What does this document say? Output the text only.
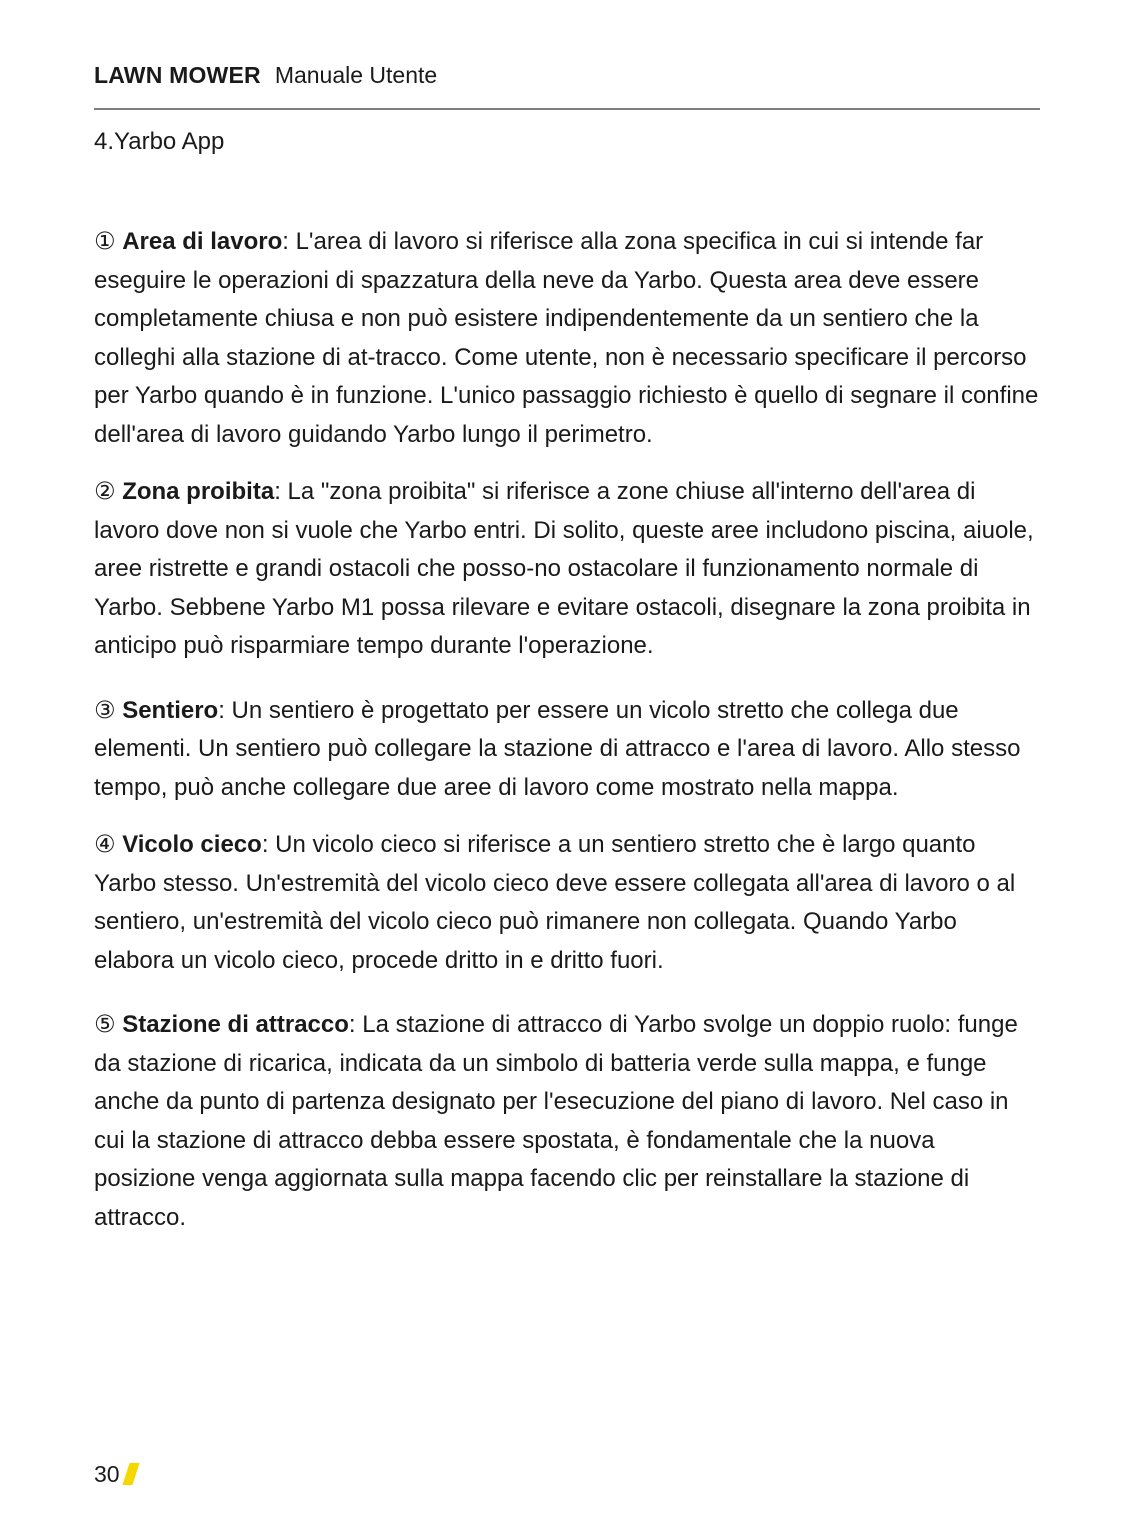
LAWN MOWER Manuale Utente
4.Yarbo App

① Area di lavoro: L'area di lavoro si riferisce alla zona specifica in cui si intende far eseguire le operazioni di spazzatura della neve da Yarbo. Questa area deve essere completamente chiusa e non può esistere indipendentemente da un sentiero che la colleghi alla stazione di at-tracco. Come utente, non è necessario specificare il percorso per Yarbo quando è in funzione. L'unico passaggio richiesto è quello di segnare il confine dell'area di lavoro guidando Yarbo lungo il perimetro.

② Zona proibita: La "zona proibita" si riferisce a zone chiuse all'interno dell'area di lavoro dove non si vuole che Yarbo entri. Di solito, queste aree includono piscina, aiuole, aree ristrette e grandi ostacoli che posso-no ostacolare il funzionamento normale di Yarbo. Sebbene Yarbo M1 possa rilevare e evitare ostacoli, disegnare la zona proibita in anticipo può risparmiare tempo durante l'operazione.

③ Sentiero: Un sentiero è progettato per essere un vicolo stretto che collega due elementi. Un sentiero può collegare la stazione di attracco e l'area di lavoro. Allo stesso tempo, può anche collegare due aree di lavoro come mostrato nella mappa.

④ Vicolo cieco: Un vicolo cieco si riferisce a un sentiero stretto che è largo quanto Yarbo stesso. Un'estremità del vicolo cieco deve essere collegata all'area di lavoro o al sentiero, un'estremità del vicolo cieco può rimanere non collegata. Quando Yarbo elabora un vicolo cieco, procede dritto in e dritto fuori.

⑤ Stazione di attracco: La stazione di attracco di Yarbo svolge un doppio ruolo: funge da stazione di ricarica, indicata da un simbolo di batteria verde sulla mappa, e funge anche da punto di partenza designato per l'esecuzione del piano di lavoro. Nel caso in cui la stazione di attracco debba essere spostata, è fondamentale che la nuova posizione venga aggiornata sulla mappa facendo clic per reinstallare la stazione di attracco.

30
